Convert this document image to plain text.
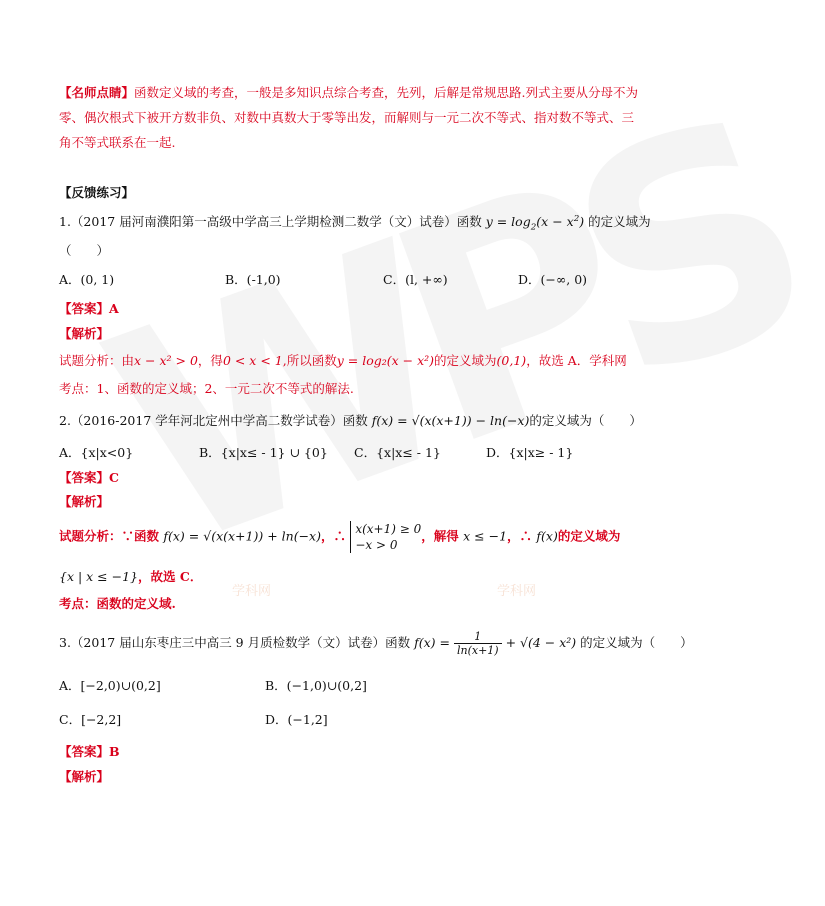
学科网	学科网
【名师点睛】函数定义域的考查，一般是多知识点综合考查，先列，后解是常规思路.列式主要从分母不为
零、偶次根式下被开方数非负、对数中真数大于零等出发，而解则与一元二次不等式、指对数不等式、三
角不等式联系在一起.
【反馈练习】
1.（2017 届河南濮阳第一高级中学高三上学期检测二数学（文）试卷）函数 $y = \log_2(x - x^2)$ 的定义域为
（　　）
A．(0, 1)	B．(-1,0)	C．(l, +∞)	D．(−∞, 0)
【答案】A
【解析】
试题分析：由x − x² > 0，得0 < x < 1,所以函数y = log₂(x − x²)的定义域为(0,1)，故选 A．学科网
考点：1、函数的定义域；2、一元二次不等式的解法.
2.（2016-2017 学年河北定州中学高二数学试卷）函数 f(x) = √(x(x+1)) − ln(−x)的定义域为（　　）
A．{x|x<0}	B．{x|x≤ - 1} ∪ {0} C．{x|x≤ - 1}	D．{x|x≥ - 1}
【答案】C
【解析】
试题分析：∵函数 f(x) = √(x(x+1)) + ln(−x)，∴ x(x+1) ≥ 0
−x > 0
，解得 x ≤ −1，∴ f(x)的定义域为
{x | x ≤ −1}，故选 C．
考点：函数的定义域.
3.（2017 届山东枣庄三中高三 9 月质检数学（文）试卷）函数 $f(x) = \frac{1}{\ln(x+1)} + √(4 - x^2)$ 的定义域为（　　）
A．[−2,0)∪(0,2]	B．(−1,0)∪(0,2]
C．[−2,2]	D．(−1,2]
【答案】B
【解析】
